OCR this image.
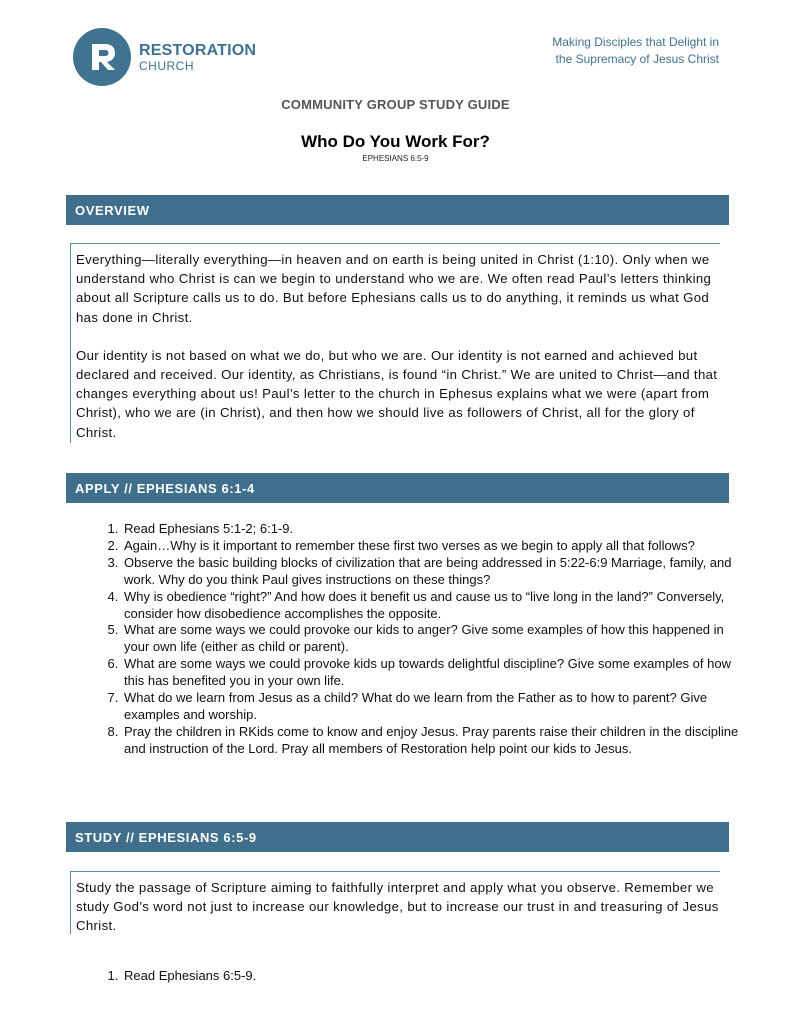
RESTORATION
CHURCH
Making Disciples that Delight in
the Supremacy of Jesus Christ
COMMUNITY GROUP STUDY GUIDE
Who Do You Work For?
EPHESIANS 6:5-9
OVERVIEW

Everything—literally everything—in heaven and on earth is being united in Christ (1:10). Only when we understand who Christ is can we begin to understand who we are. We often read Paul’s letters thinking about all Scripture calls us to do. But before Ephesians calls us to do anything, it reminds us what God has done in Christ.

Our identity is not based on what we do, but who we are. Our identity is not earned and achieved but declared and received. Our identity, as Christians, is found “in Christ.” We are united to Christ—and that changes everything about us! Paul’s letter to the church in Ephesus explains what we were (apart from Christ), who we are (in Christ), and then how we should live as followers of Christ, all for the glory of Christ.

APPLY // EPHESIANS 6:1-4
1. Read Ephesians 5:1-2; 6:1-9.
2. Again…Why is it important to remember these first two verses as we begin to apply all that follows?
3. Observe the basic building blocks of civilization that are being addressed in 5:22-6:9 Marriage, family, and work. Why do you think Paul gives instructions on these things?
4. Why is obedience “right?” And how does it benefit us and cause us to “live long in the land?” Conversely, consider how disobedience accomplishes the opposite.
5. What are some ways we could provoke our kids to anger? Give some examples of how this happened in your own life (either as child or parent).
6. What are some ways we could provoke kids up towards delightful discipline? Give some examples of how this has benefited you in your own life.
7. What do we learn from Jesus as a child? What do we learn from the Father as to how to parent? Give examples and worship.
8. Pray the children in RKids come to know and enjoy Jesus. Pray parents raise their children in the discipline and instruction of the Lord. Pray all members of Restoration help point our kids to Jesus.
STUDY // EPHESIANS 6:5-9

Study the passage of Scripture aiming to faithfully interpret and apply what you observe. Remember we study God’s word not just to increase our knowledge, but to increase our trust in and treasuring of Jesus Christ.

1. Read Ephesians 6:5-9.
